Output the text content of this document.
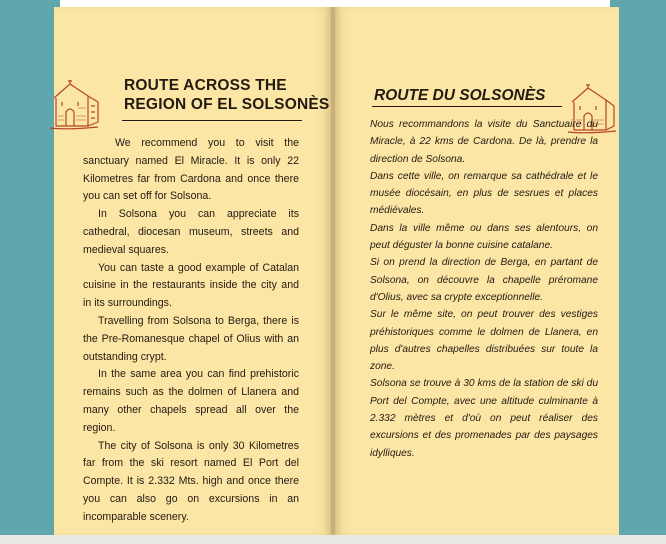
ROUTE ACROSS THE
REGION OF EL SOLSONÈS

We recommend you to visit the sanctuary named El Miracle. It is only 22 Kilometres far from Cardona and once there you can set off for Solsona.

In Solsona you can appreciate its cathedral, diocesan museum, streets and medieval squares.

You can taste a good example of Catalan cuisine in the restaurants inside the city and in its surroundings.

Travelling from Solsona to Berga, there is the Pre-Romanesque chapel of Olius with an outstanding crypt.

In the same area you can find prehistoric remains such as the dolmen of Llanera and many other chapels spread all over the region.

The city of Solsona is only 30 Kilometres far from the ski resort named El Port del Compte. It is 2.332 Mts. high and once there you can also go on excursions in an incomparable scenery.

ROUTE DU SOLSONÈS

Nous recommandons la visite du Sanctuaire du Miracle, à 22 kms de Cardona. De là, prendre la direction de Solsona.

Dans cette ville, on remarque sa cathédrale et le musée diocésain, en plus de sesrues et places médiévales.

Dans la ville même ou dans ses alentours, on peut déguster la bonne cuisine catalane.

Si on prend la direction de Berga, en partant de Solsona, on découvre la chapelle préromane d'Olius, avec sa crypte exceptionnelle.

Sur le même site, on peut trouver des vestiges préhistoriques comme le dolmen de Llanera, en plus d'autres chapelles distribuées sur toute la zone.

Solsona se trouve à 30 kms de la station de ski du Port del Compte, avec une altitude culminante à 2.332 mètres et d'où on peut réaliser des excursions et des promenades par des paysages idylliques.
